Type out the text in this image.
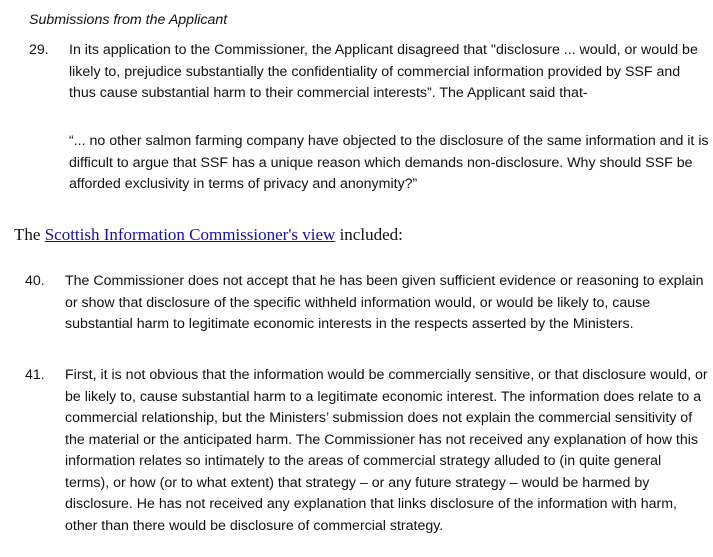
Submissions from the Applicant
29. In its application to the Commissioner, the Applicant disagreed that "disclosure ... would, or would be likely to, prejudice substantially the confidentiality of commercial information provided by SSF and thus cause substantial harm to their commercial interests”. The Applicant said that-
“... no other salmon farming company have objected to the disclosure of the same information and it is difficult to argue that SSF has a unique reason which demands non-disclosure. Why should SSF be afforded exclusivity in terms of privacy and anonymity?”
The Scottish Information Commissioner's view included:
40. The Commissioner does not accept that he has been given sufficient evidence or reasoning to explain or show that disclosure of the specific withheld information would, or would be likely to, cause substantial harm to legitimate economic interests in the respects asserted by the Ministers.
41. First, it is not obvious that the information would be commercially sensitive, or that disclosure would, or be likely to, cause substantial harm to a legitimate economic interest. The information does relate to a commercial relationship, but the Ministers’ submission does not explain the commercial sensitivity of the material or the anticipated harm. The Commissioner has not received any explanation of how this information relates so intimately to the areas of commercial strategy alluded to (in quite general terms), or how (or to what extent) that strategy – or any future strategy – would be harmed by disclosure. He has not received any explanation that links disclosure of the information with harm, other than there would be disclosure of commercial strategy.
